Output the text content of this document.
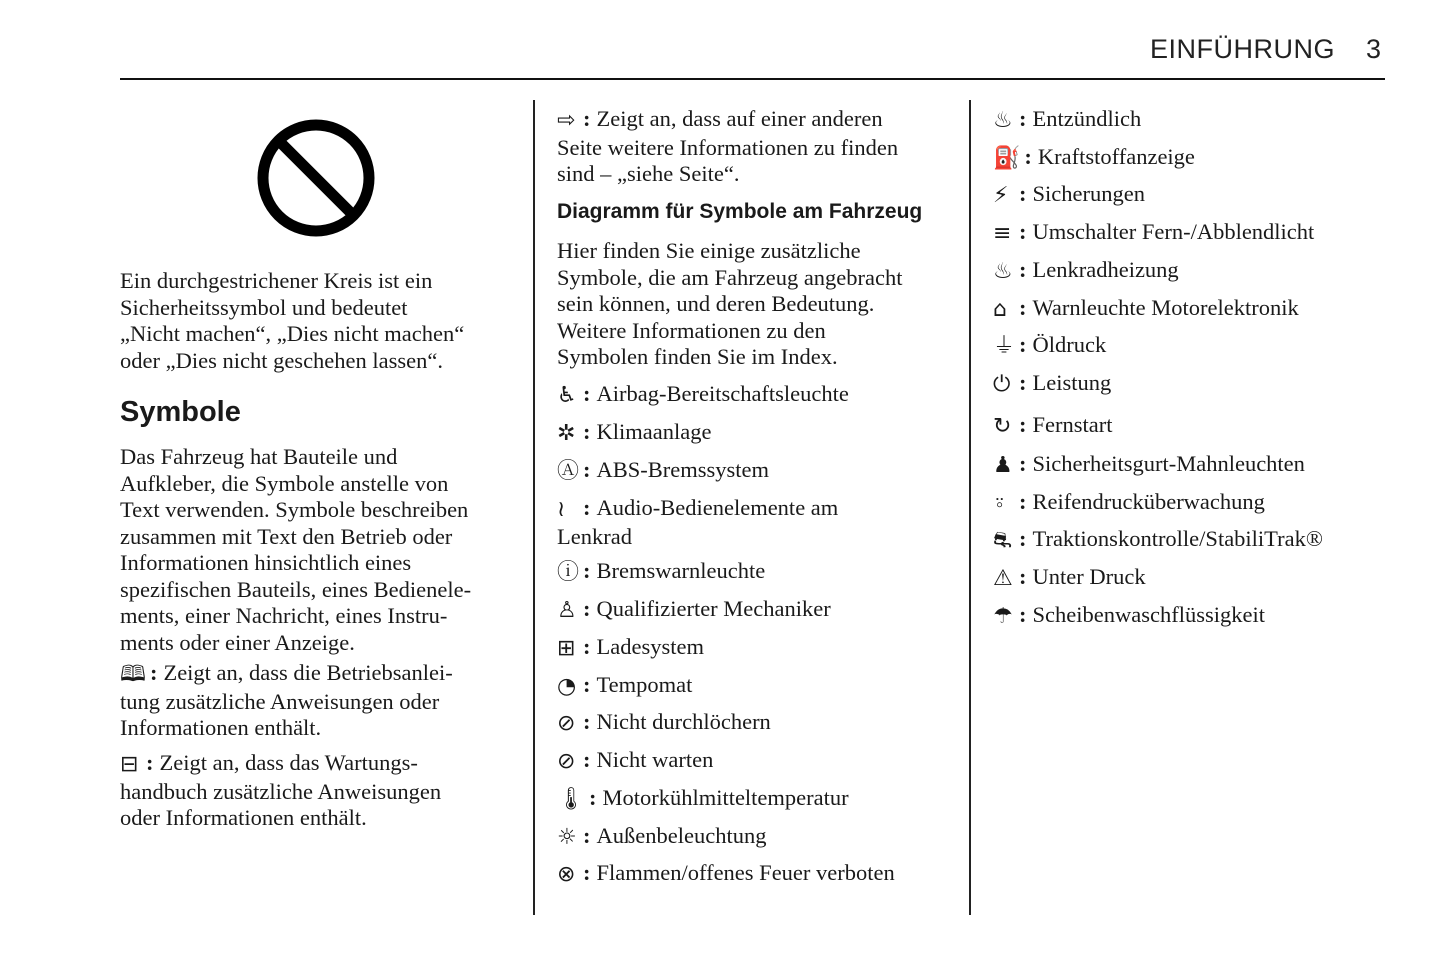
EINFÜHRUNG 3
Ein durchgestrichener Kreis ist ein
Sicherheitssymbol und bedeutet
„Nicht machen“, „Dies nicht machen“
oder „Dies nicht geschehen lassen“.
Symbole
Das Fahrzeug hat Bauteile und
Aufkleber, die Symbole anstelle von
Text verwenden. Symbole beschreiben
zusammen mit Text den Betrieb oder
Informationen hinsichtlich eines
spezifischen Bauteils, eines Bedienele-
ments, einer Nachricht, eines Instru-
ments oder einer Anzeige.
🕮 : Zeigt an, dass die Betriebsanlei-
tung zusätzliche Anweisungen oder
Informationen enthält.
⊟ : Zeigt an, dass das Wartungs-
handbuch zusätzliche Anweisungen
oder Informationen enthält.
⇨ : Zeigt an, dass auf einer anderen
Seite weitere Informationen zu finden
sind – „siehe Seite“.
Diagramm für Symbole am Fahrzeug
Hier finden Sie einige zusätzliche
Symbole, die am Fahrzeug angebracht
sein können, und deren Bedeutung.
Weitere Informationen zu den
Symbolen finden Sie im Index.
♿ : Airbag-Bereitschaftsleuchte
✲ : Klimaanlage
Ⓐ : ABS-Bremssystem
≀ : Audio-Bedienelemente am
Lenkrad
ⓘ : Bremswarnleuchte
♙ : Qualifizierter Mechaniker
⊞ : Ladesystem
◔ : Tempomat
⊘ : Nicht durchlöchern
⊘ : Nicht warten
🌡 : Motorkühlmitteltemperatur
☼ : Außenbeleuchtung
⊗ : Flammen/offenes Feuer verboten
♨ : Entzündlich
⛽ : Kraftstoffanzeige
⚡ : Sicherungen
≡ : Umschalter Fern-/Abblendlicht
♨ : Lenkradheizung
⌂ : Warnleuchte Motorelektronik
⏚ : Öldruck
⏻ : Leistung
↻ : Fernstart
♟ : Sicherheitsgurt-Mahnleuchten
⍤ : Reifendrucküberwachung
⛐ : Traktionskontrolle/StabiliTrak®
⚠ : Unter Druck
☂ : Scheibenwaschflüssigkeit
